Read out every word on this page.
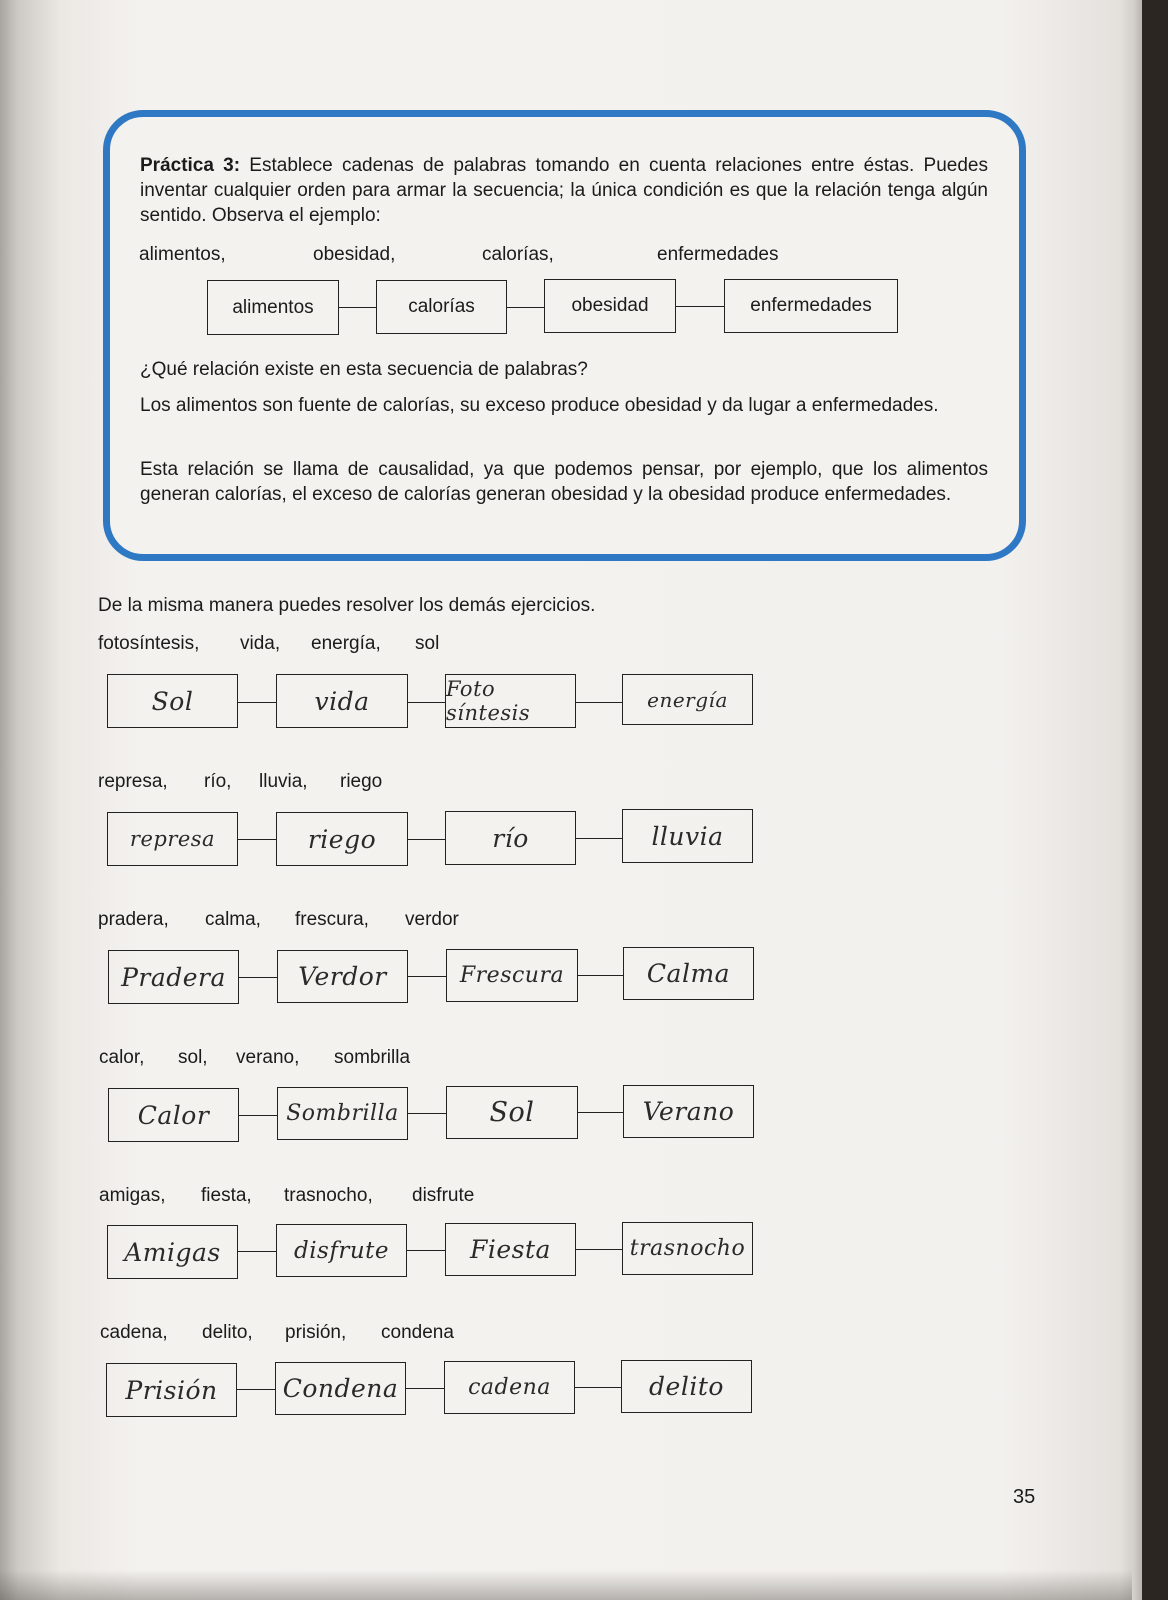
Práctica 3: Establece cadenas de palabras tomando en cuenta relaciones entre éstas. Puedes inventar cualquier orden para armar la secuencia; la única condición es que la relación tenga algún sentido. Observa el ejemplo:

alimentos,	obesidad,	calorías,	enfermedades

alimentos	calorías	obesidad	enfermedades

¿Qué relación existe en esta secuencia de palabras?

Los alimentos son fuente de calorías, su exceso produce obesidad y da lugar a enfermedades.

Esta relación se llama de causalidad, ya que podemos pensar, por ejemplo, que los alimentos generan calorías, el exceso de calorías generan obesidad y la obesidad produce enfermedades.

De la misma manera puedes resolver los demás ejercicios.

fotosíntesis, vida, energía, sol

Sol	vida	Foto síntesis
energía

represa, río, lluvia, riego

represa	riego	río	lluvia

pradera, calma, frescura, verdor

Pradera	Verdor	Frescura	Calma

calor, sol, verano, sombrilla

Calor	Sombrilla	Sol	Verano

amigas, fiesta, trasnocho, disfrute

Amigas	disfrute	Fiesta	trasnocho

cadena, delito, prisión, condena

Prisión	Condena	cadena	delito

35
